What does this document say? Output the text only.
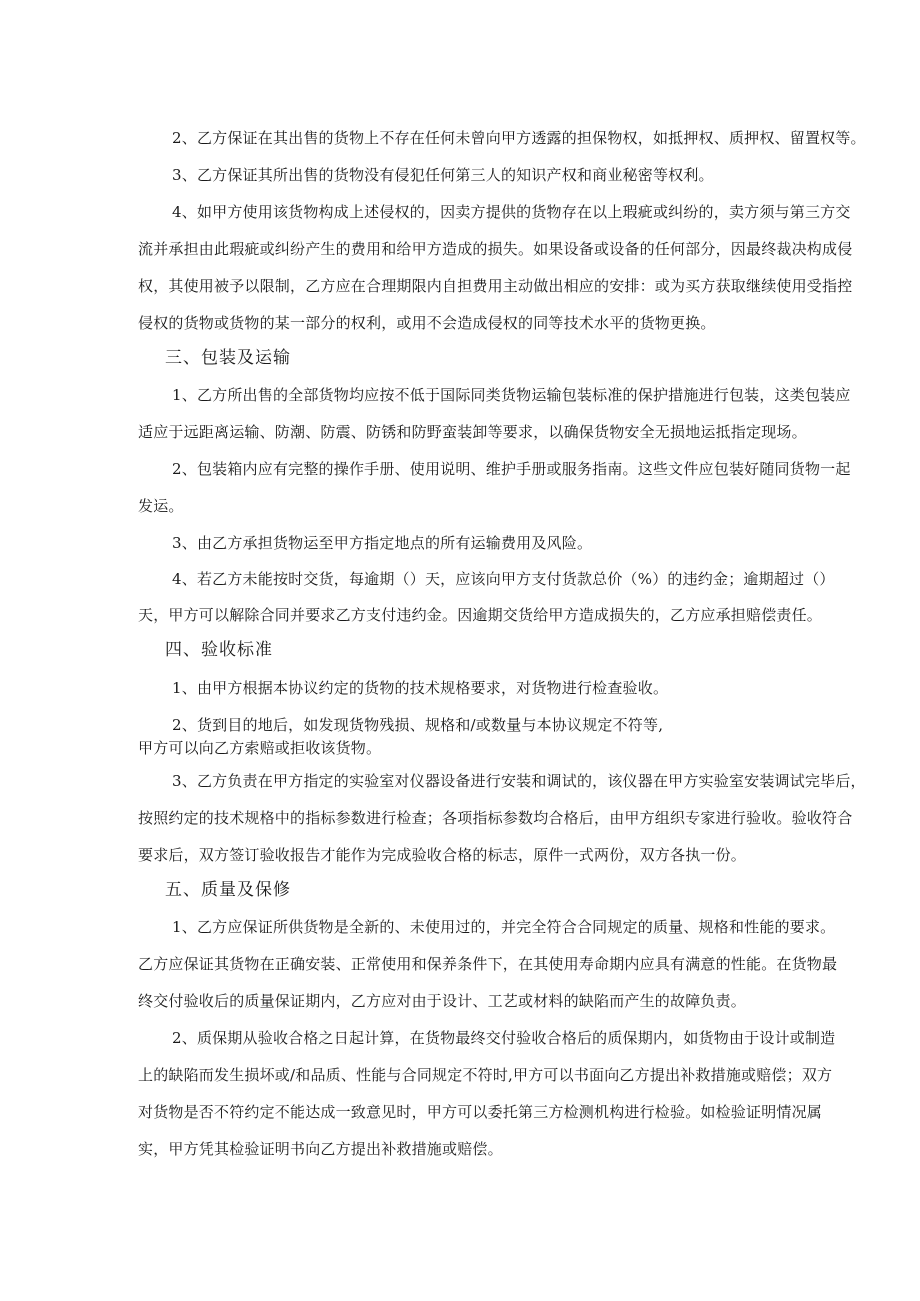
2、乙方保证在其出售的货物上不存在任何未曾向甲方透露的担保物权，如抵押权、质押权、留置权等。

3、乙方保证其所出售的货物没有侵犯任何第三人的知识产权和商业秘密等权利。

4、如甲方使用该货物构成上述侵权的，因卖方提供的货物存在以上瑕疵或纠纷的，卖方须与第三方交

流并承担由此瑕疵或纠纷产生的费用和给甲方造成的损失。如果设备或设备的任何部分，因最终裁决构成侵

权，其使用被予以限制，乙方应在合理期限内自担费用主动做出相应的安排：或为买方获取继续使用受指控

侵权的货物或货物的某一部分的权利，或用不会造成侵权的同等技术水平的货物更换。

三、包装及运输

1、乙方所出售的全部货物均应按不低于国际同类货物运输包装标准的保护措施进行包装，这类包装应

适应于远距离运输、防潮、防震、防锈和防野蛮装卸等要求，以确保货物安全无损地运抵指定现场。

2、包装箱内应有完整的操作手册、使用说明、维护手册或服务指南。这些文件应包装好随同货物一起

发运。

3、由乙方承担货物运至甲方指定地点的所有运输费用及风险。

4、若乙方未能按时交货，每逾期（）天，应该向甲方支付货款总价（%）的违约金；逾期超过（）

天，甲方可以解除合同并要求乙方支付违约金。因逾期交货给甲方造成损失的，乙方应承担赔偿责任。

四、验收标准

1、由甲方根据本协议约定的货物的技术规格要求，对货物进行检查验收。

2、货到目的地后，如发现货物残损、规格和/或数量与本协议规定不符等,

甲方可以向乙方索赔或拒收该货物。

3、乙方负责在甲方指定的实验室对仪器设备进行安装和调试的，该仪器在甲方实验室安装调试完毕后，

按照约定的技术规格中的指标参数进行检查；各项指标参数均合格后，由甲方组织专家进行验收。验收符合

要求后，双方签订验收报告才能作为完成验收合格的标志，原件一式两份，双方各执一份。

五、质量及保修

1、乙方应保证所供货物是全新的、未使用过的，并完全符合合同规定的质量、规格和性能的要求。

乙方应保证其货物在正确安装、正常使用和保养条件下，在其使用寿命期内应具有满意的性能。在货物最

终交付验收后的质量保证期内，乙方应对由于设计、工艺或材料的缺陷而产生的故障负责。

2、质保期从验收合格之日起计算，在货物最终交付验收合格后的质保期内，如货物由于设计或制造

上的缺陷而发生损坏或/和品质、性能与合同规定不符时,甲方可以书面向乙方提出补救措施或赔偿；双方

对货物是否不符约定不能达成一致意见时，甲方可以委托第三方检测机构进行检验。如检验证明情况属

实，甲方凭其检验证明书向乙方提出补救措施或赔偿。
